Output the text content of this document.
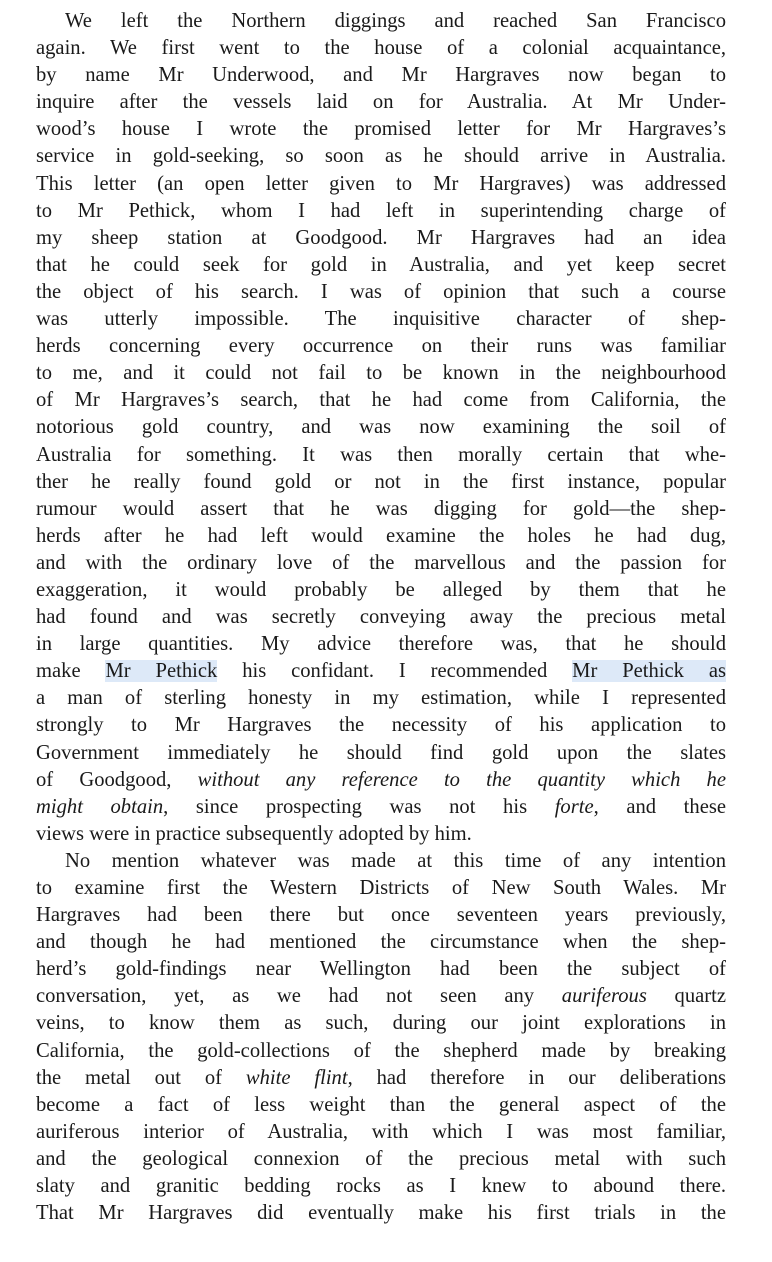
We left the Northern diggings and reached San Francisco
again. We first went to the house of a colonial acquaintance,
by name Mr Underwood, and Mr Hargraves now began to
inquire after the vessels laid on for Australia. At Mr Under-
wood’s house I wrote the promised letter for Mr Hargraves’s
service in gold-seeking, so soon as he should arrive in Australia.
This letter (an open letter given to Mr Hargraves) was addressed
to Mr Pethick, whom I had left in superintending charge of
my sheep station at Goodgood. Mr Hargraves had an idea
that he could seek for gold in Australia, and yet keep secret
the object of his search. I was of opinion that such a course
was utterly impossible. The inquisitive character of shep-
herds concerning every occurrence on their runs was familiar
to me, and it could not fail to be known in the neighbourhood
of Mr Hargraves’s search, that he had come from California, the
notorious gold country, and was now examining the soil of
Australia for something. It was then morally certain that whe-
ther he really found gold or not in the first instance, popular
rumour would assert that he was digging for gold—the shep-
herds after he had left would examine the holes he had dug,
and with the ordinary love of the marvellous and the passion for
exaggeration, it would probably be alleged by them that he
had found and was secretly conveying away the precious metal
in large quantities. My advice therefore was, that he should
make Mr Pethick his confidant. I recommended Mr Pethick as
a man of sterling honesty in my estimation, while I represented
strongly to Mr Hargraves the necessity of his application to
Government immediately he should find gold upon the slates
of Goodgood, without any reference to the quantity which he
might obtain, since prospecting was not his forte, and these
views were in practice subsequently adopted by him.
No mention whatever was made at this time of any intention
to examine first the Western Districts of New South Wales. Mr
Hargraves had been there but once seventeen years previously,
and though he had mentioned the circumstance when the shep-
herd’s gold-findings near Wellington had been the subject of
conversation, yet, as we had not seen any auriferous quartz
veins, to know them as such, during our joint explorations in
California, the gold-collections of the shepherd made by breaking
the metal out of white flint, had therefore in our deliberations
become a fact of less weight than the general aspect of the
auriferous interior of Australia, with which I was most familiar,
and the geological connexion of the precious metal with such
slaty and granitic bedding rocks as I knew to abound there.
That Mr Hargraves did eventually make his first trials in the
